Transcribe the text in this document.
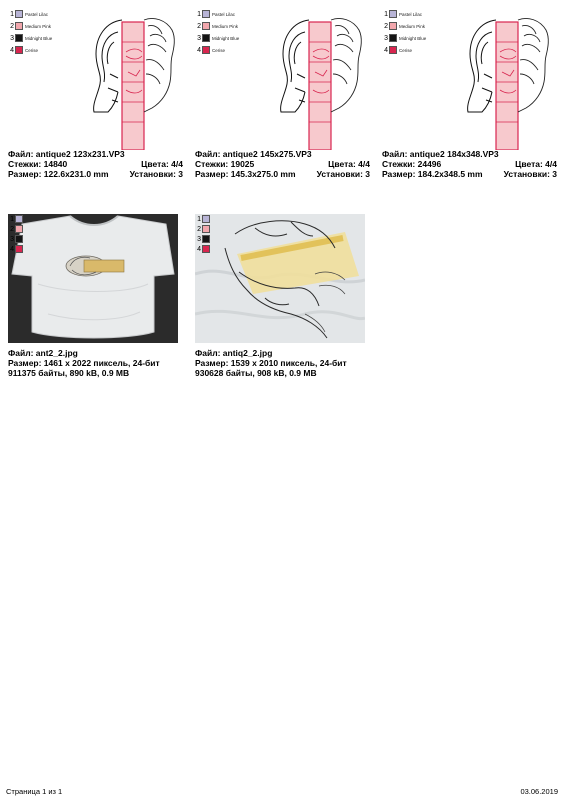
1 Pastel Lilac
2 Medium Pink
3 Midnight Blue
4 Cerise
Файл: antique2 123x231.VP3
Стежки: 14840	Цвета: 4/4
Размер: 122.6x231.0 mm Установки: 3
1 Pastel Lilac
2 Medium Pink
3 Midnight Blue
4 Cerise
Файл: antique2 145x275.VP3
Стежки: 19025	Цвета: 4/4
Размер: 145.3x275.0 mm Установки: 3
1 Pastel Lilac
2 Medium Pink
3 Midnight Blue
4 Cerise
Файл: antique2 184x348.VP3
Стежки: 24496	Цвета: 4/4
Размер: 184.2x348.5 mm Установки: 3
1
2
3
4
Файл: ant2_2.jpg
Размер: 1461 x 2022 пиксель, 24-бит
911375 байты, 890 kB, 0.9 MB
1
2
3
4
Файл: antiq2_2.jpg
Размер: 1539 x 2010 пиксель, 24-бит
930628 байты, 908 kB, 0.9 MB
Страница 1 из 1	03.06.2019
